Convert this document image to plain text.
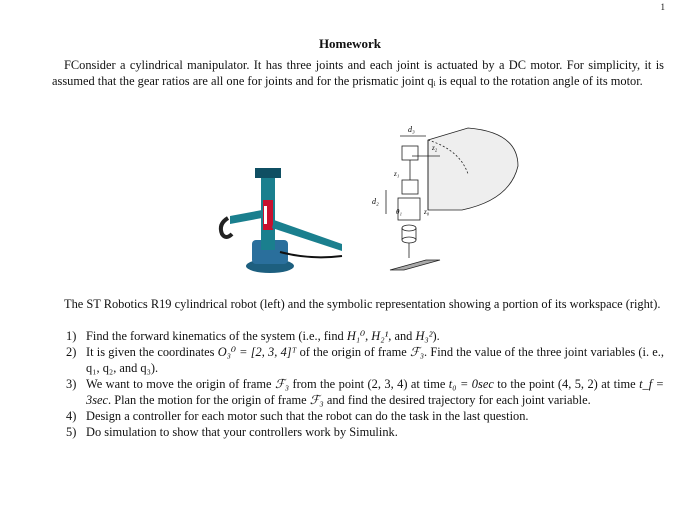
1
Homework

FConsider a cylindrical manipulator. It has three joints and each joint is actuated by a DC motor. For simplicity, it is assumed that the gear ratios are all one for joints and for the prismatic joint qᵢ is equal to the rotation angle of its motor.

d₃
z₂
z₁
d₂
θ₁	z₀

The ST Robotics R19 cylindrical robot (left) and the symbolic representation showing a portion of its workspace (right).

1) Find the forward kinematics of the system (i.e., find H₁⁰, H₂¹, and H₃²).
2) It is given the coordinates O₃⁰ = [2, 3, 4]ᵀ of the origin of frame ℱ₃. Find the value of the three joint variables (i. e., q₁, q₂, and q₃).
3) We want to move the origin of frame ℱ₃ from the point (2, 3, 4) at time t₀ = 0sec to the point (4, 5, 2) at time t_f = 3sec. Plan the motion for the origin of frame ℱ₃ and find the desired trajectory for each joint variable.
4) Design a controller for each motor such that the robot can do the task in the last question.
5) Do simulation to show that your controllers work by Simulink.
